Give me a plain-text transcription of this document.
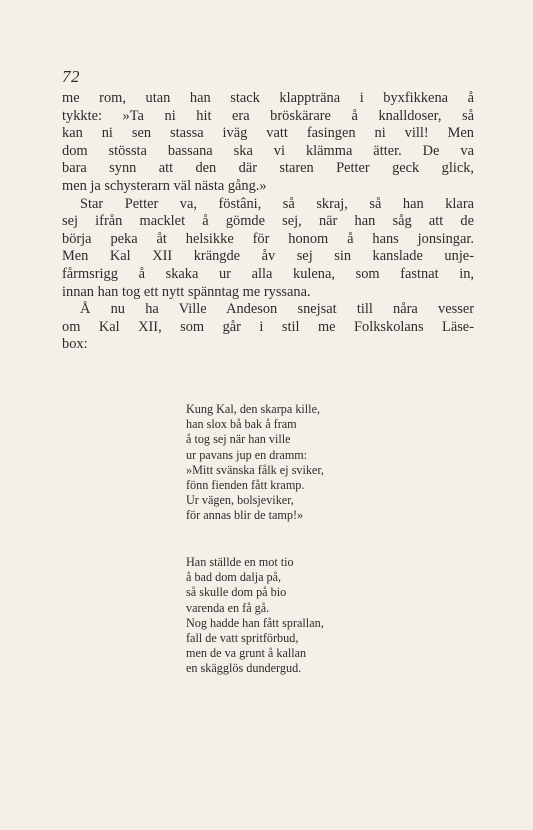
72

me rom, utan han stack klappträna i byxfikkena å
tykkte: »Ta ni hit era bröskärare å knalldoser, så
kan ni sen stassa iväg vatt fasingen ni vill! Men
dom stössta bassana ska vi klämma ätter. De va
bara synn att den där staren Petter geck glick,
men ja schysterarn väl nästa gång.»

Star Petter va, föstâni, så skraj, så han klara
sej ifrån macklet å gömde sej, när han såg att de
börja peka åt helsikke för honom å hans jonsingar.
Men Kal XII krängde åv sej sin kanslade unje-
fårmsrigg å skaka ur alla kulena, som fastnat in,
innan han tog ett nytt spänntag me ryssana.

Å nu ha Ville Andeson snejsat till nåra vesser
om Kal XII, som går i stil me Folkskolans Läse-
box:

Kung Kal, den skarpa kille,
han slox bå bak å fram
å tog sej när han ville
ur pavans jup en dramm:
»Mitt svänska fålk ej sviker,
fönn fienden fått kramp.
Ur vägen, bolsjeviker,
för annas blir de tamp!»
Han ställde en mot tio
å bad dom dalja på,
så skulle dom på bio
varenda en få gå.
Nog hadde han fått sprallan,
fall de vatt spritförbud,
men de va grunt å kallan
en skägglös dundergud.
